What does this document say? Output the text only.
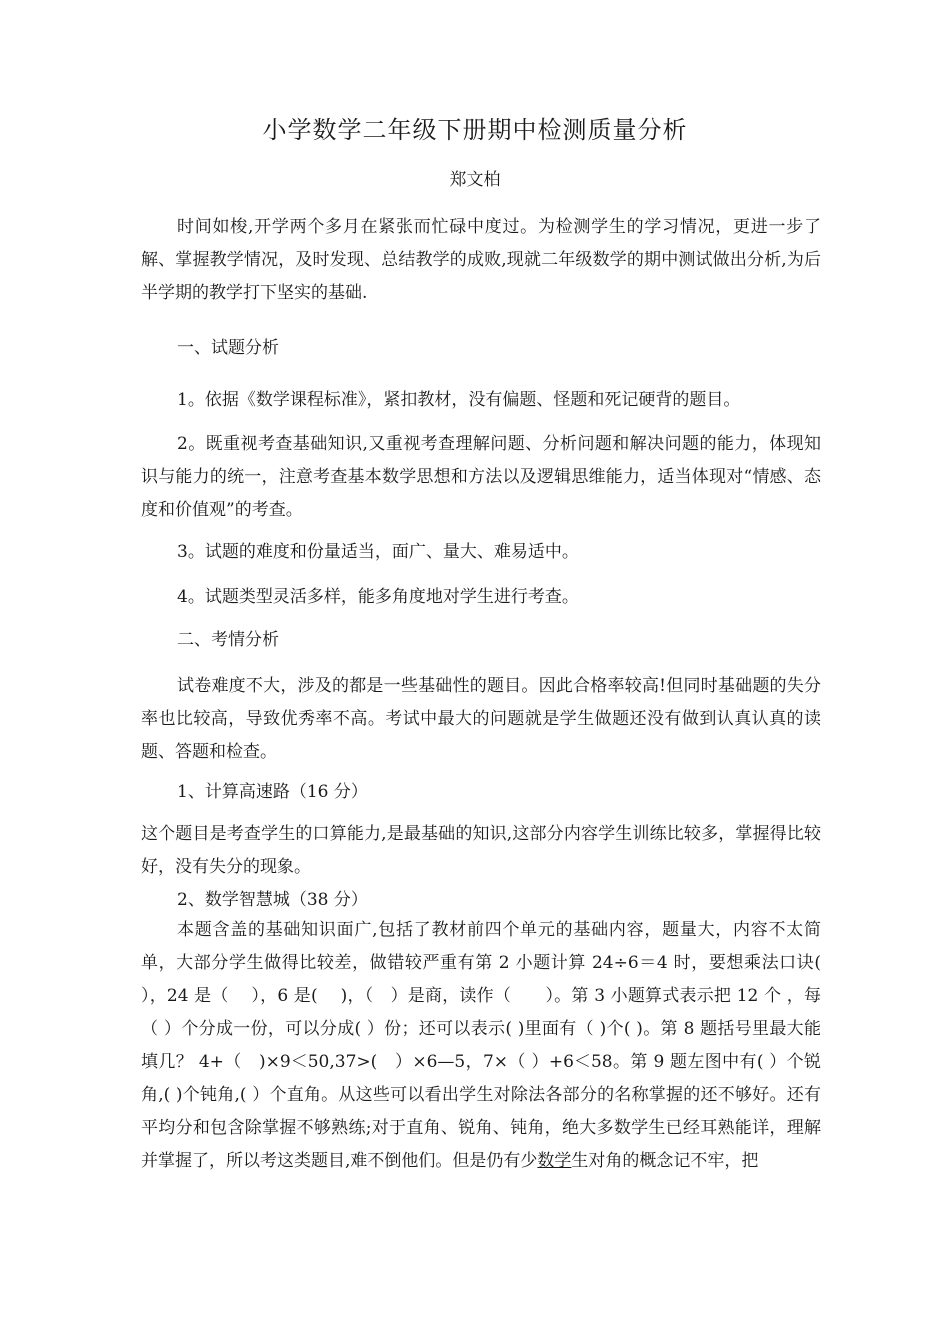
小学数学二年级下册期中检测质量分析
郑文柏
时间如梭,开学两个多月在紧张而忙碌中度过。为检测学生的学习情况，更进一步了解、掌握教学情况，及时发现、总结教学的成败,现就二年级数学的期中测试做出分析,为后半学期的教学打下坚实的基础.
一、试题分析
1。依据《数学课程标准》，紧扣教材，没有偏题、怪题和死记硬背的题目。
2。既重视考查基础知识,又重视考查理解问题、分析问题和解决问题的能力，体现知识与能力的统一，注意考查基本数学思想和方法以及逻辑思维能力，适当体现对“情感、态度和价值观”的考查。
3。试题的难度和份量适当，面广、量大、难易适中。
4。试题类型灵活多样，能多角度地对学生进行考查。
二、考情分析
试卷难度不大，涉及的都是一些基础性的题目。因此合格率较高!但同时基础题的失分率也比较高，导致优秀率不高。考试中最大的问题就是学生做题还没有做到认真认真的读题、答题和检查。
1、计算高速路（16 分）
这个题目是考查学生的口算能力,是最基础的知识,这部分内容学生训练比较多，掌握得比较好，没有失分的现象。
2、数学智慧城（38 分）
本题含盖的基础知识面广,包括了教材前四个单元的基础内容，题量大，内容不太简单，大部分学生做得比较差，做错较严重有第 2 小题计算 24÷6＝4 时，要想乘法口诀(　 ），24 是（　 ），6 是(　 )，（　）是商，读作（　　）。第 3 小题算式表示把 12 个 ，每（ ）个分成一份，可以分成( ）份；还可以表示( )里面有（ )个( )。第 8 题括号里最大能填几？ 4+（　)×9＜50,37>(　）×6—5，7×（ ）+6＜58。第 9 题左图中有( ）个锐角,( )个钝角,( ）个直角。从这些可以看出学生对除法各部分的名称掌握的还不够好。还有平均分和包含除掌握不够熟练;对于直角、锐角、钝角，绝大多数学生已经耳熟能详，理解并掌握了，所以考这类题目,难不倒他们。但是仍有少数学生对角的概念记不牢，把
